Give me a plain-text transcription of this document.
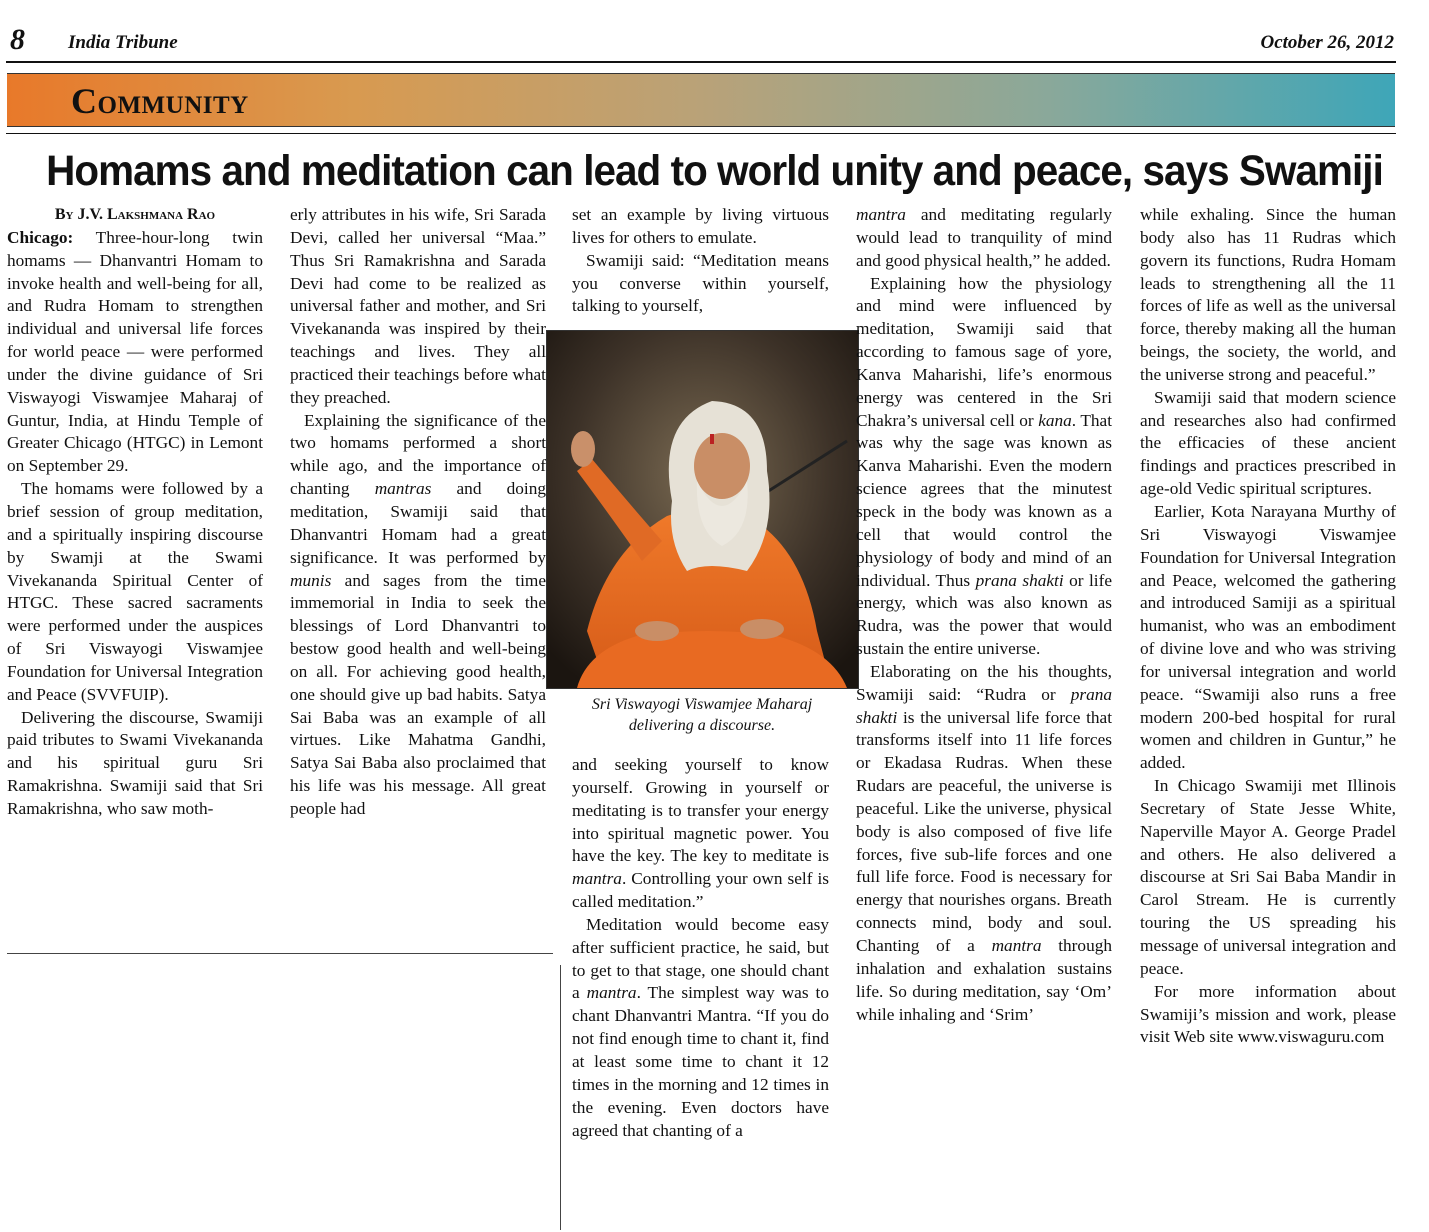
8 India Tribune	October 26, 2012
Community
Homams and meditation can lead to world unity and peace, says Swamiji

By J.V. Lakshmana Rao

Chicago: Three-hour-long twin homams — Dhanvantri Homam to invoke health and well-being for all, and Rudra Homam to strengthen individual and universal life forces for world peace — were performed under the divine guidance of Sri Viswayogi Viswamjee Maharaj of Guntur, India, at Hindu Temple of Greater Chicago (HTGC) in Lemont on September 29.

The homams were followed by a brief session of group meditation, and a spiritually inspiring discourse by Swamji at the Swami Vivekananda Spiritual Center of HTGC. These sacred sacraments were performed under the auspices of Sri Viswayogi Viswamjee Foundation for Universal Integration and Peace (SVVFUIP).

Delivering the discourse, Swamiji paid tributes to Swami Vivekananda and his spiritual guru Sri Ramakrishna. Swamiji said that Sri Ramakrishna, who saw moth-

erly attributes in his wife, Sri Sarada Devi, called her universal “Maa.” Thus Sri Ramakrishna and Sarada Devi had come to be realized as universal father and mother, and Sri Vivekananda was inspired by their teachings and lives. They all practiced their teachings before what they preached.

Explaining the significance of the two homams performed a short while ago, and the importance of chanting mantras and doing meditation, Swamiji said that Dhanvantri Homam had a great significance. It was performed by munis and sages from the time immemorial in India to seek the blessings of Lord Dhanvantri to bestow good health and well-being on all. For achieving good health, one should give up bad habits. Satya Sai Baba was an example of all virtues. Like Mahatma Gandhi, Satya Sai Baba also proclaimed that his life was his message. All great people had

set an example by living virtuous lives for others to emulate.

Swamiji said: “Meditation means you converse within yourself, talking to yourself,

Sri Viswayogi Viswamjee Maharaj
delivering a discourse.

and seeking yourself to know yourself. Growing in yourself or meditating is to transfer your energy into spiritual magnetic power. You have the key. The key to meditate is mantra. Controlling your own self is called meditation.”

Meditation would become easy after sufficient practice, he said, but to get to that stage, one should chant a mantra. The simplest way was to chant Dhanvantri Mantra. “If you do not find enough time to chant it, find at least some time to chant it 12 times in the morning and 12 times in the evening. Even doctors have agreed that chanting of a

mantra and meditating regularly would lead to tranquility of mind and good physical health,” he added.

Explaining how the physiology and mind were influenced by meditation, Swamiji said that according to famous sage of yore, Kanva Maharishi, life’s enormous energy was centered in the Sri Chakra’s universal cell or kana. That was why the sage was known as Kanva Maharishi. Even the modern science agrees that the minutest speck in the body was known as a cell that would control the physiology of body and mind of an individual. Thus prana shakti or life energy, which was also known as Rudra, was the power that would sustain the entire universe.

Elaborating on the his thoughts, Swamiji said: “Rudra or prana shakti is the universal life force that transforms itself into 11 life forces or Ekadasa Rudras. When these Rudars are peaceful, the universe is peaceful. Like the universe, physical body is also composed of five life forces, five sub-life forces and one full life force. Food is necessary for energy that nourishes organs. Breath connects mind, body and soul. Chanting of a mantra through inhalation and exhalation sustains life. So during meditation, say ‘Om’ while inhaling and ‘Srim’

while exhaling. Since the human body also has 11 Rudras which govern its functions, Rudra Homam leads to strengthening all the 11 forces of life as well as the universal force, thereby making all the human beings, the society, the world, and the universe strong and peaceful.”

Swamiji said that modern science and researches also had confirmed the efficacies of these ancient findings and practices prescribed in age-old Vedic spiritual scriptures.

Earlier, Kota Narayana Murthy of Sri Viswayogi Viswamjee Foundation for Universal Integration and Peace, welcomed the gathering and introduced Samiji as a spiritual humanist, who was an embodiment of divine love and who was striving for universal integration and world peace. “Swamiji also runs a free modern 200-bed hospital for rural women and children in Guntur,” he added.

In Chicago Swamiji met Illinois Secretary of State Jesse White, Naperville Mayor A. George Pradel and others. He also delivered a discourse at Sri Sai Baba Mandir in Carol Stream. He is currently touring the US spreading his message of universal integration and peace.

For more information about Swamiji’s mission and work, please visit Web site www.viswaguru.com
